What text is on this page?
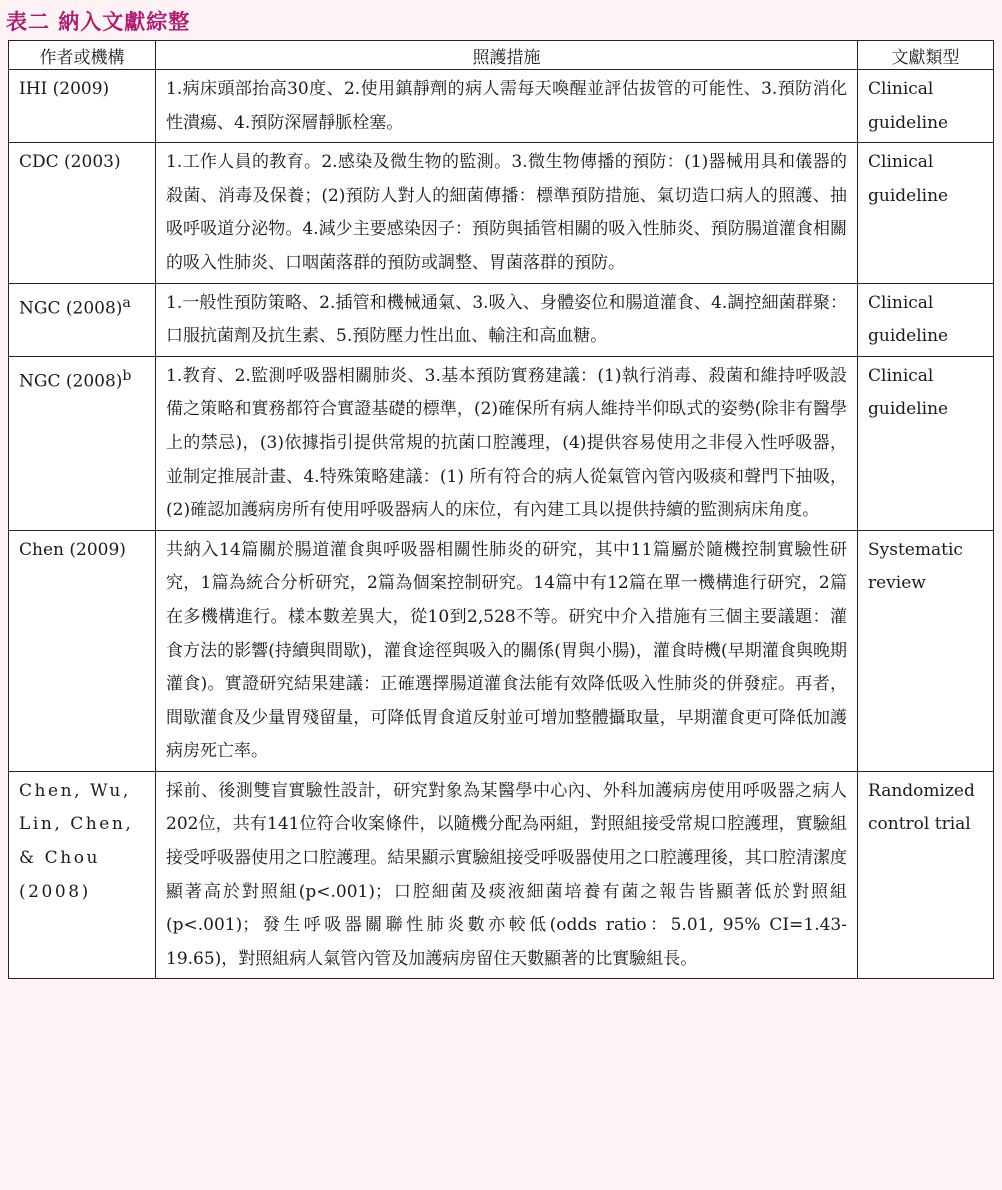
表二 納入文獻綜整
作者或機構	照護措施	文獻類型
IHI (2009)	1.病床頭部抬高30度、2.使用鎮靜劑的病人需每天喚醒並評估拔管的可能性、3.預防消化性潰瘍、4.預防深層靜脈栓塞。	Clinical guideline
CDC (2003)	1.工作人員的教育。2.感染及微生物的監測。3.微生物傳播的預防：(1)器械用具和儀器的殺菌、消毒及保養；(2)預防人對人的細菌傳播：標準預防措施、氣切造口病人的照護、抽吸呼吸道分泌物。4.減少主要感染因子：預防與插管相關的吸入性肺炎、預防腸道灌食相關的吸入性肺炎、口咽菌落群的預防或調整、胃菌落群的預防。	Clinical guideline
NGC $(2008)^a$	1.一般性預防策略、2.插管和機械通氣、3.吸入、身體姿位和腸道灌食、4.調控細菌群聚：口服抗菌劑及抗生素、5.預防壓力性出血、輸注和高血糖。	Clinical guideline
NGC $(2008)^b$	1.教育、2.監測呼吸器相關肺炎、3.基本預防實務建議：(1)執行消毒、殺菌和維持呼吸設備之策略和實務都符合實證基礎的標準，(2)確保所有病人維持半仰臥式的姿勢(除非有醫學上的禁忌)，(3)依據指引提供常規的抗菌口腔護理，(4)提供容易使用之非侵入性呼吸器，並制定推展計畫、4.特殊策略建議：(1) 所有符合的病人從氣管內管內吸痰和聲門下抽吸，(2)確認加護病房所有使用呼吸器病人的床位，有內建工具以提供持續的監測病床角度。	Clinical guideline
Chen (2009)	共納入14篇關於腸道灌食與呼吸器相關性肺炎的研究，其中11篇屬於隨機控制實驗性研究，1篇為統合分析研究，2篇為個案控制研究。14篇中有12篇在單一機構進行研究，2篇在多機構進行。樣本數差異大，從10到2,528不等。研究中介入措施有三個主要議題：灌食方法的影響(持續與間歇)，灌食途徑與吸入的關係(胃與小腸)，灌食時機(早期灌食與晚期灌食)。實證研究結果建議：正確選擇腸道灌食法能有效降低吸入性肺炎的併發症。再者，間歇灌食及少量胃殘留量，可降低胃食道反射並可增加整體攝取量，早期灌食更可降低加護病房死亡率。	Systematic review
Chen, Wu, Lin, Chen, & Chou (2008)	採前、後測雙盲實驗性設計，研究對象為某醫學中心內、外科加護病房使用呼吸器之病人202位，共有141位符合收案條件，以隨機分配為兩組，對照組接受常規口腔護理，實驗組接受呼吸器使用之口腔護理。結果顯示實驗組接受呼吸器使用之口腔護理後，其口腔清潔度顯著高於對照組(p<.001)；口腔細菌及痰液細菌培養有菌之報告皆顯著低於對照組(p<.001)；發生呼吸器關聯性肺炎數亦較低(odds ratio：5.01, 95% CI=1.43-19.65)，對照組病人氣管內管及加護病房留住天數顯著的比實驗組長。	Randomized control trial
